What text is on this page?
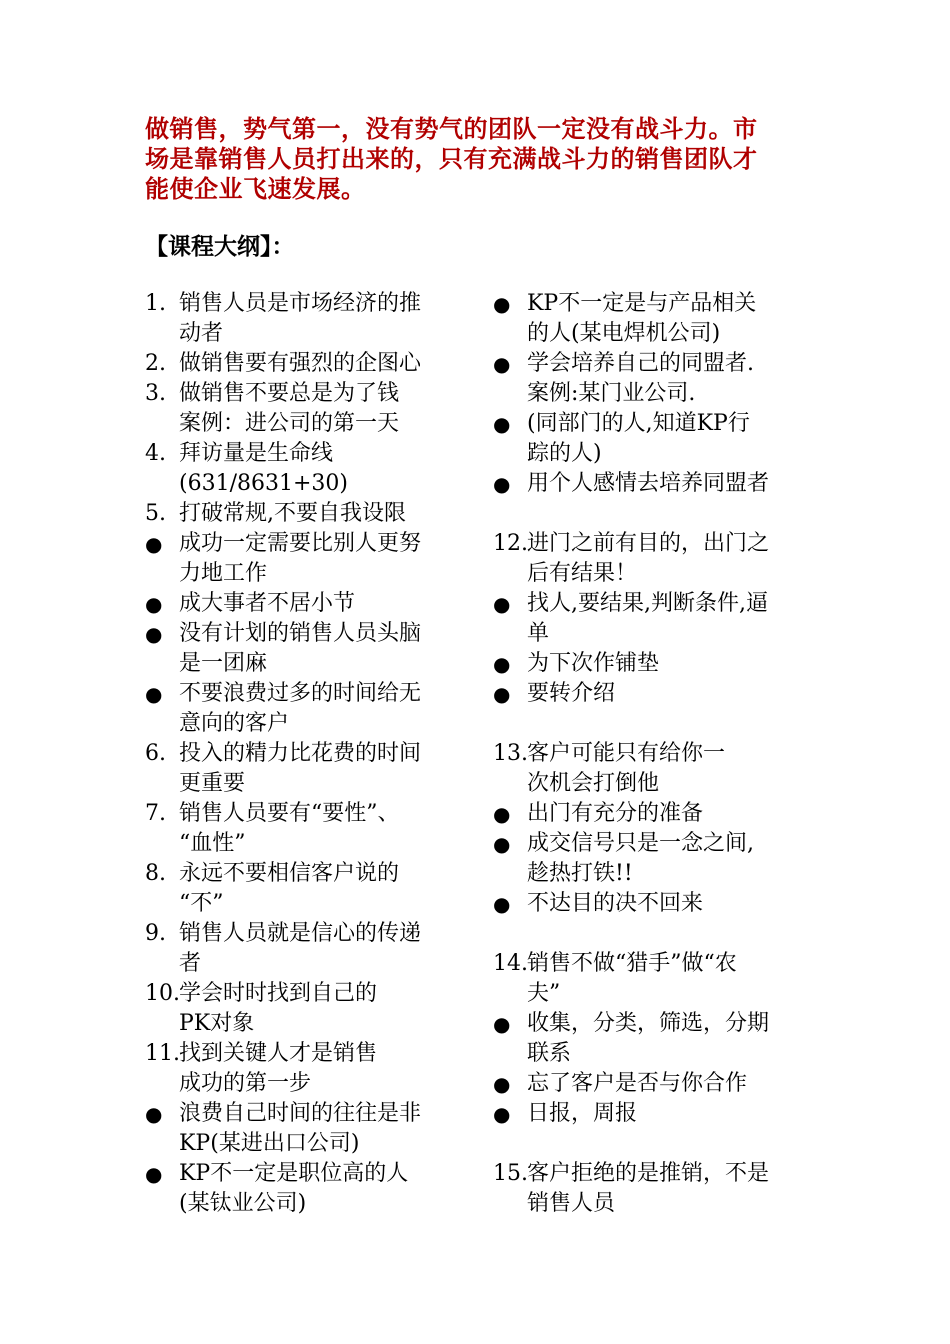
做销售，势气第一，没有势气的团队一定没有战斗力。市
场是靠销售人员打出来的，只有充满战斗力的销售团队才
能使企业飞速发展。
【课程大纲】：
1. 销售人员是市场经济的推
动者
2. 做销售要有强烈的企图心
3. 做销售不要总是为了钱
案例：进公司的第一天
4. 拜访量是生命线
(631/8631+30)
5. 打破常规,不要自我设限
● 成功一定需要比别人更努
力地工作
● 成大事者不居小节
● 没有计划的销售人员头脑
是一团麻
● 不要浪费过多的时间给无
意向的客户
6. 投入的精力比花费的时间
更重要
7. 销售人员要有“要性”、
“血性”
8. 永远不要相信客户说的
“不”
9. 销售人员就是信心的传递
者
10. 学会时时找到自己的
PK对象
11. 找到关键人才是销售
成功的第一步
● 浪费自己时间的往往是非
KP(某进出口公司)
● KP不一定是职位高的人
(某钛业公司)
● KP不一定是与产品相关
的人(某电焊机公司)
● 学会培养自己的同盟者.
案例:某门业公司.
● (同部门的人,知道KP行
踪的人)
● 用个人感情去培养同盟者
12. 进门之前有目的，出门之
后有结果！
● 找人,要结果,判断条件,逼
单
● 为下次作铺垫
● 要转介绍
13. 客户可能只有给你一
次机会打倒他
● 出门有充分的准备
● 成交信号只是一念之间,
趁热打铁!!
● 不达目的决不回来
14. 销售不做“猎手”做“农
夫”
● 收集，分类，筛选，分期
联系
● 忘了客户是否与你合作
● 日报，周报
15. 客户拒绝的是推销，不是
销售人员
